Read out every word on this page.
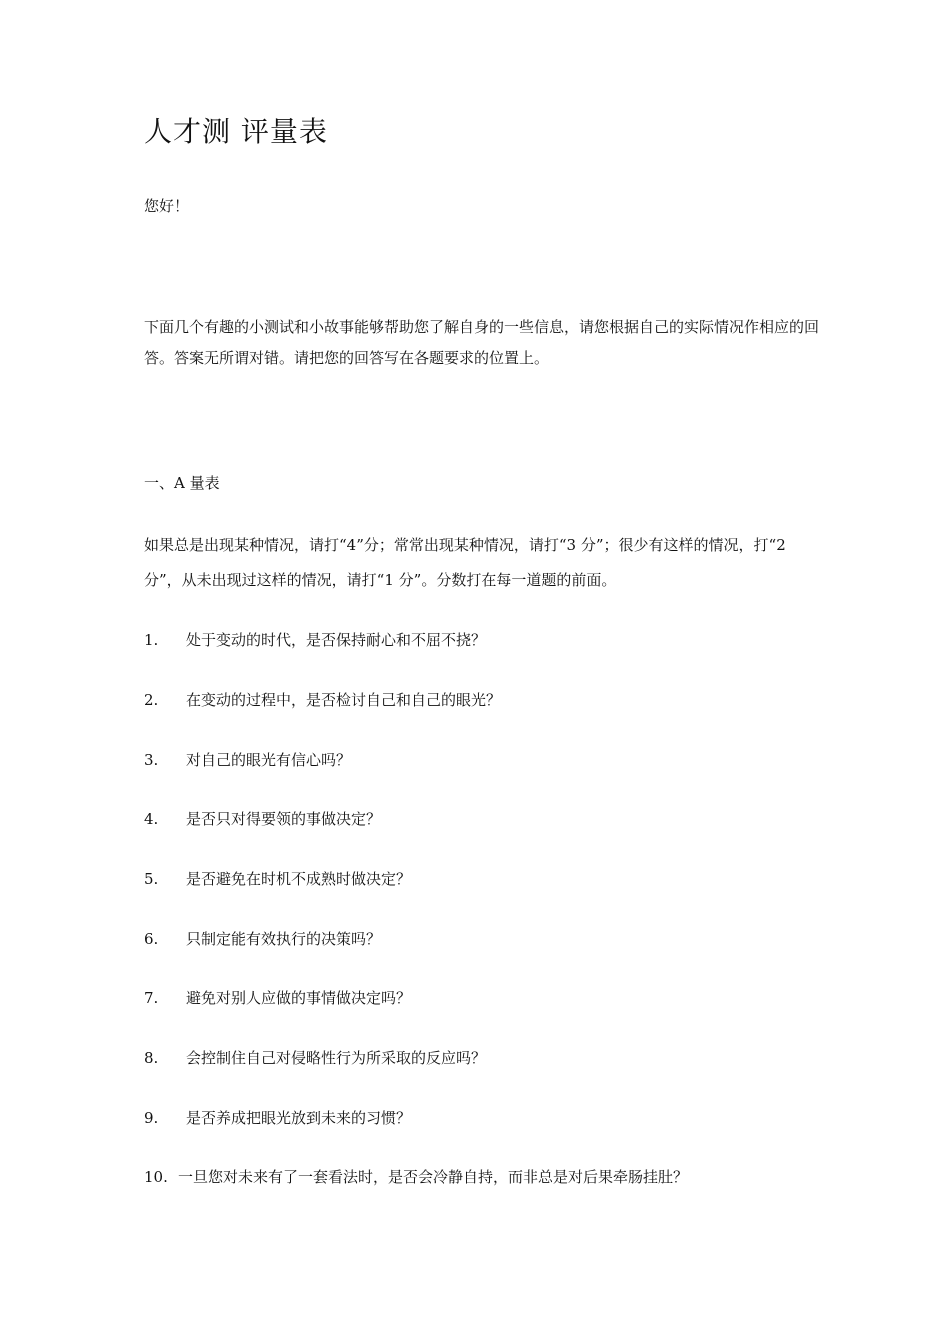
人才测 评量表
您好！
下面几个有趣的小测试和小故事能够帮助您了解自身的一些信息，请您根据自己的实际情况作相应的回答。答案无所谓对错。请把您的回答写在各题要求的位置上。
一、A 量表
如果总是出现某种情况，请打“4”分；常常出现某种情况，请打“3 分”；很少有这样的情况，打“2 分”，从未出现过这样的情况，请打“1 分”。分数打在每一道题的前面。
1. 处于变动的时代，是否保持耐心和不屈不挠？
2. 在变动的过程中，是否检讨自己和自己的眼光？
3. 对自己的眼光有信心吗？
4. 是否只对得要领的事做决定？
5. 是否避免在时机不成熟时做决定？
6. 只制定能有效执行的决策吗？
7. 避免对别人应做的事情做决定吗？
8. 会控制住自己对侵略性行为所采取的反应吗？
9. 是否养成把眼光放到未来的习惯？
10. 一旦您对未来有了一套看法时，是否会冷静自持，而非总是对后果牵肠挂肚？
